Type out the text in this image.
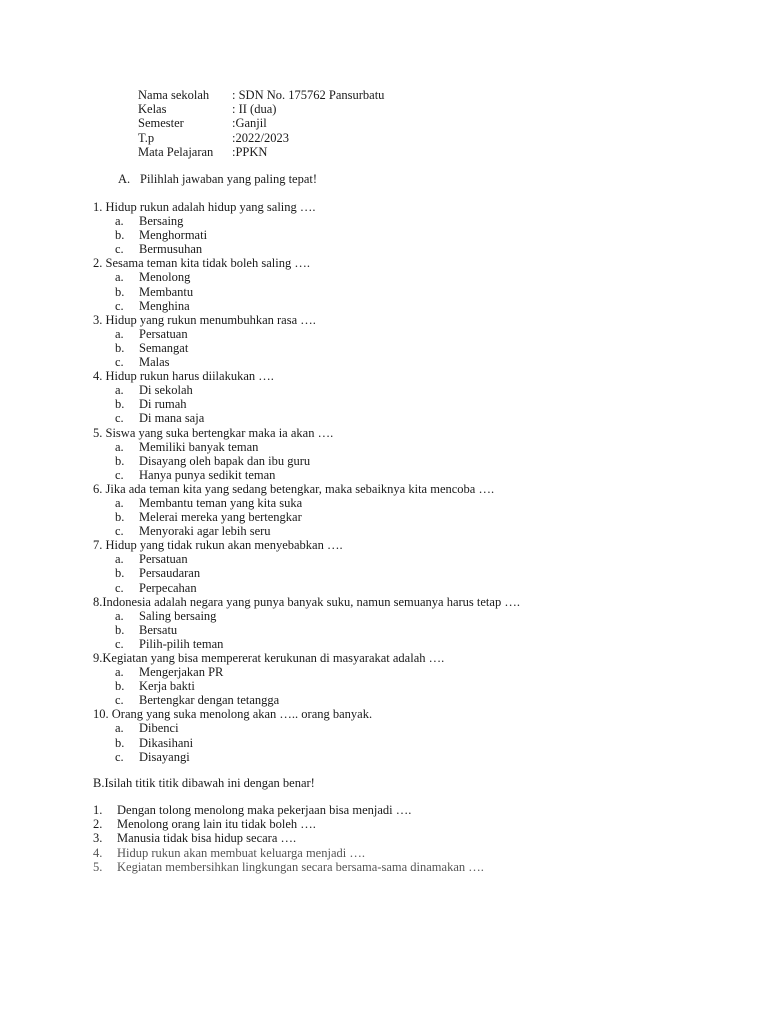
Nama sekolah : SDN No. 175762 Pansurbatu
Kelas	: II (dua)
Semester	:Ganjil
T.p	:2022/2023
Mata Pelajaran :PPKN
A. Pilihlah jawaban yang paling tepat!
1. Hidup rukun adalah hidup yang saling ….
a. Bersaing
b. Menghormati
c. Bermusuhan
2. Sesama teman kita tidak boleh saling ….
a. Menolong
b. Membantu
c. Menghina
3. Hidup yang rukun menumbuhkan rasa ….
a. Persatuan
b. Semangat
c. Malas
4. Hidup rukun harus diilakukan ….
a. Di sekolah
b. Di rumah
c. Di mana saja
5. Siswa yang suka bertengkar maka ia akan ….
a. Memiliki banyak teman
b. Disayang oleh bapak dan ibu guru
c. Hanya punya sedikit teman
6. Jika ada teman kita yang sedang betengkar, maka sebaiknya kita mencoba ….
a. Membantu teman yang kita suka
b. Melerai mereka yang bertengkar
c. Menyoraki agar lebih seru
7. Hidup yang tidak rukun akan menyebabkan ….
a. Persatuan
b. Persaudaran
c. Perpecahan
8.Indonesia adalah negara yang punya banyak suku, namun semuanya harus tetap ….
a. Saling bersaing
b. Bersatu
c. Pilih-pilih teman
9.Kegiatan yang bisa mempererat kerukunan di masyarakat adalah ….
a. Mengerjakan PR
b. Kerja bakti
c. Bertengkar dengan tetangga
10. Orang yang suka menolong akan ….. orang banyak.
a. Dibenci
b. Dikasihani
c. Disayangi
B.Isilah titik titik dibawah ini dengan benar!
1. Dengan tolong menolong maka pekerjaan bisa menjadi ….
2. Menolong orang lain itu tidak boleh ….
3. Manusia tidak bisa hidup secara ….
4. Hidup rukun akan membuat keluarga menjadi ….
5. Kegiatan membersihkan lingkungan secara bersama-sama dinamakan ….
